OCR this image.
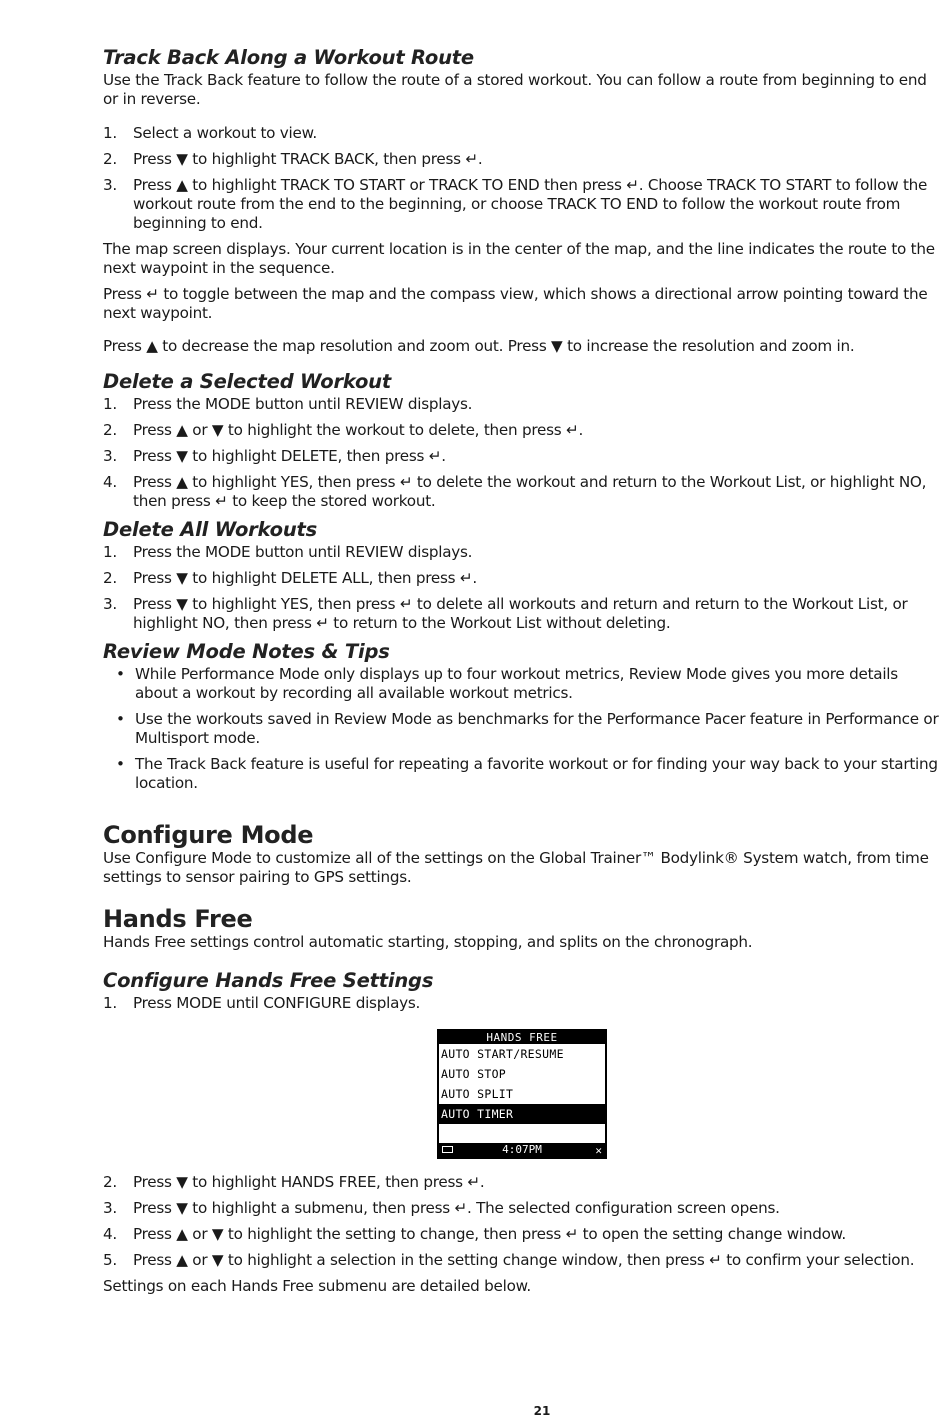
Track Back Along a Workout Route

Use the Track Back feature to follow the route of a stored workout. You can follow a route from beginning to end or in reverse.

1. Select a workout to view.
2. Press ▼ to highlight TRACK BACK, then press ↵.
3. Press ▲ to highlight TRACK TO START or TRACK TO END then press ↵. Choose TRACK TO START to follow the workout route from the end to the beginning, or choose TRACK TO END to follow the workout route from beginning to end.

The map screen displays. Your current location is in the center of the map, and the line indicates the route to the next waypoint in the sequence.

Press ↵ to toggle between the map and the compass view, which shows a directional arrow pointing toward the next waypoint.

Press ▲ to decrease the map resolution and zoom out. Press ▼ to increase the resolution and zoom in.

Delete a Selected Workout
1. Press the MODE button until REVIEW displays.
2. Press ▲ or ▼ to highlight the workout to delete, then press ↵.
3. Press ▼ to highlight DELETE, then press ↵.
4. Press ▲ to highlight YES, then press ↵ to delete the workout and return to the Workout List, or highlight NO, then press ↵ to keep the stored workout.
Delete All Workouts
1. Press the MODE button until REVIEW displays.
2. Press ▼ to highlight DELETE ALL, then press ↵.
3. Press ▼ to highlight YES, then press ↵ to delete all workouts and return and return to the Workout List, or highlight NO, then press ↵ to return to the Workout List without deleting.
Review Mode Notes & Tips
• While Performance Mode only displays up to four workout metrics, Review Mode gives you more details about a workout by recording all available workout metrics.
• Use the workouts saved in Review Mode as benchmarks for the Performance Pacer feature in Performance or Multisport mode.
• The Track Back feature is useful for repeating a favorite workout or for finding your way back to your starting location.
Configure Mode

Use Configure Mode to customize all of the settings on the Global Trainer™ Bodylink® System watch, from time settings to sensor pairing to GPS settings.

Hands Free

Hands Free settings control automatic starting, stopping, and splits on the chronograph.

Configure Hands Free Settings
1. Press MODE until CONFIGURE displays.
HANDS FREE
AUTO START/RESUME
AUTO STOP
AUTO SPLIT
AUTO TIMER
4:07PM	✕
2. Press ▼ to highlight HANDS FREE, then press ↵.
3. Press ▼ to highlight a submenu, then press ↵. The selected configuration screen opens.
4. Press ▲ or ▼ to highlight the setting to change, then press ↵ to open the setting change window.
5. Press ▲ or ▼ to highlight a selection in the setting change window, then press ↵ to confirm your selection.

Settings on each Hands Free submenu are detailed below.

21
